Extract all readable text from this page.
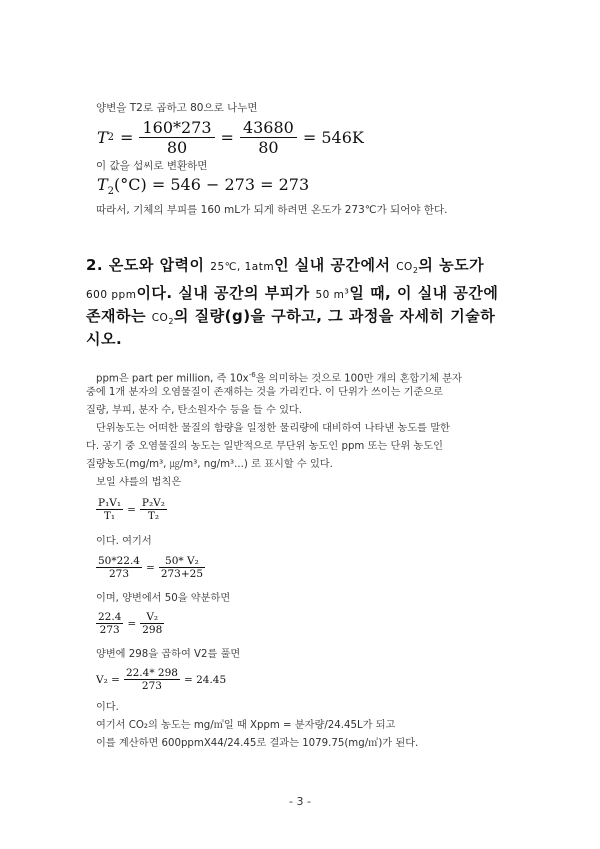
양변을 T2로 곱하고 80으로 나누면
T $2 = \frac{160*273}{80} = \frac{43680}{80} = 546K$
이 값을 섭씨로 변환하면
$T_2(^\circ C) = 546 - 273 = 273$
따라서, 기체의 부피를 160 mL가 되게 하려면 온도가 273℃가 되어야 한다.
2. 온도와 압력이 25℃, 1atm인 실내 공간에서 $CO_2$의 농도가
600 ppm이다. 실내 공간의 부피가 50 $m^3$일 때, 이 실내 공간에
존재하는 $CO_2$의 질량(g)을 구하고, 그 과정을 자세히 기술하
시오.
ppm은 part per million, 즉 $10x^{-6}$을 의미하는 것으로 100만 개의 혼합기체 분자
중에 1개 분자의 오염물질이 존재하는 것을 가리킨다. 이 단위가 쓰이는 기준으로
질량, 부피, 분자 수, 탄소원자수 등을 들 수 있다.
단위농도는 어떠한 물질의 함량을 일정한 물리량에 대비하여 나타낸 농도를 말한
다. 공기 중 오염물질의 농도는 일반적으로 무단위 농도인 ppm 또는 단위 농도인
질량농도(mg/m³, ㎍/m³, ng/m³...) 로 표시할 수 있다.
보일 샤를의 법칙은
$\frac{\text{P₁V₁}}{\text{T₁}} = \frac{\text{P₂V₂}}{\text{T₂}}$
이다. 여기서
$\frac{50*22.4}{273} = \frac{\text{50* V₂}}{273+25}$
이며, 양변에서 50을 약분하면
$\frac{22.4}{273} = \frac{\text{V₂}}{298}$
양변에 298을 곱하여 V2를 풀면
$V_2 = \frac{22.4* 298}{273} = 24.45$
이다.
여기서 CO₂의 농도는 mg/㎥일 때 Xppm = 분자량/24.45L가 되고
이를 계산하면 600ppmX44/24.45로 결과는 1079.75(mg/㎥)가 된다.
- 3 -
